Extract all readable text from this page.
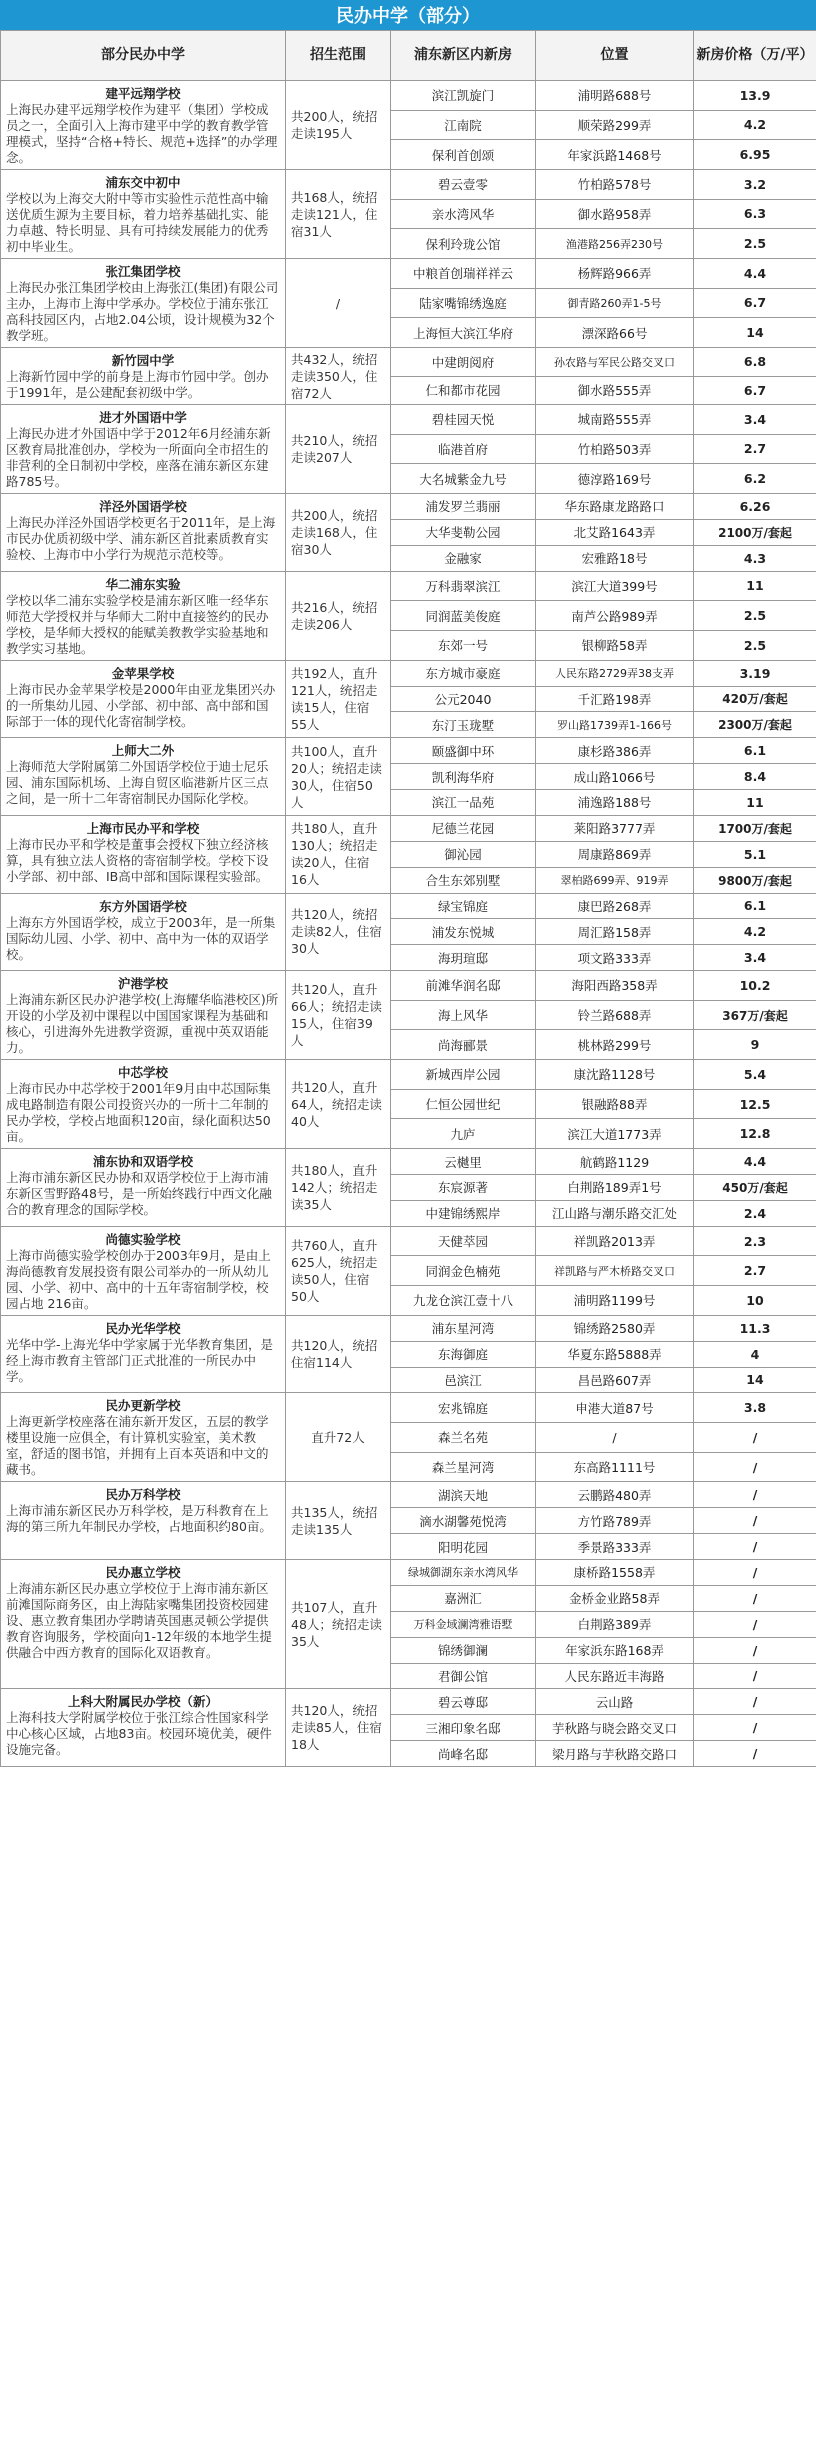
民办中学（部分）
部分民办中学	招生范围	浦东新区内新房	位置	新房价格（万/平）

建平远翔学校
上海民办建平远翔学校作为建平（集团）学校成员之一，全面引入上海市建平中学的教育教学管理模式，坚持“合格+特长、规范+选择”的办学理念。	共200人，统招走读195人	滨江凯旋门	浦明路688号	13.9
		江南院	顺荣路299弄	4.2
		保利首创颂	年家浜路1468号	6.95

浦东交中初中
学校以为上海交大附中等市实验性示范性高中输送优质生源为主要目标，着力培养基础扎实、能力卓越、特长明显、具有可持续发展能力的优秀初中毕业生。	共168人，统招走读121人，住宿31人	碧云壹零	竹柏路578号	3.2
		亲水湾风华	御水路958弄	6.3
		保利玲珑公馆	渔港路256弄230号	2.5

张江集团学校
上海民办张江集团学校由上海张江(集团)有限公司主办，上海市上海中学承办。学校位于浦东张江高科技园区内，占地2.04公顷，设计规模为32个教学班。	/	中粮首创瑞祥祥云	杨辉路966弄	4.4
		陆家嘴锦绣逸庭	御青路260弄1-5号	6.7
		上海恒大滨江华府	漂深路66号	14

新竹园中学
上海新竹园中学的前身是上海市竹园中学。创办于1991年，是公建配套初级中学。	共432人，统招走读350人，住宿72人	中建朗阅府	孙农路与军民公路交叉口	6.8
		仁和都市花园	御水路555弄	6.7

进才外国语中学
上海民办进才外国语中学于2012年6月经浦东新区教育局批准创办，学校为一所面向全市招生的非营利的全日制初中学校，座落在浦东新区东建路785号。	共210人，统招走读207人	碧桂园天悦	城南路555弄	3.4
		临港首府	竹柏路503弄	2.7
		大名城紫金九号	德淳路169号	6.2

洋泾外国语学校
上海民办洋泾外国语学校更名于2011年，是上海市民办优质初级中学、浦东新区首批素质教育实验校、上海市中小学行为规范示范校等。	共200人，统招走读168人，住宿30人	浦发罗兰翡丽	华东路康龙路路口	6.26
		大华斐勒公园	北艾路1643弄	2100万/套起
		金融家	宏雅路18号	4.3

华二浦东实验
学校以华二浦东实验学校是浦东新区唯一经华东师范大学授权并与华师大二附中直接签约的民办学校，是华师大授权的能赋美教教学实验基地和教学实习基地。	共216人，统招走读206人	万科翡翠滨江	滨江大道399号	11
		同润蓝美俊庭	南芦公路989弄	2.5
		东郊一号	银柳路58弄	2.5

金苹果学校
上海市民办金苹果学校是2000年由亚龙集团兴办的一所集幼儿园、小学部、初中部、高中部和国际部于一体的现代化寄宿制学校。	共192人，直升121人，统招走读15人，住宿55人	东方城市豪庭	人民东路2729弄38支弄	3.19
		公元2040	千汇路198弄	420万/套起
		东汀玉珑墅	罗山路1739弄1-166号	2300万/套起

上师大二外
上海师范大学附属第二外国语学校位于迪士尼乐园、浦东国际机场、上海自贸区临港新片区三点之间，是一所十二年寄宿制民办国际化学校。	共100人，直升20人；统招走读30人，住宿50人	颐盛御中环	康杉路386弄	6.1
		凯利海华府	成山路1066号	8.4
		滨江一品苑	浦逸路188号	11

上海市民办平和学校
上海市民办平和学校是董事会授权下独立经济核算，具有独立法人资格的寄宿制学校。学校下设小学部、初中部、IB高中部和国际课程实验部。	共180人，直升130人；统招走读20人，住宿16人	尼德兰花园	莱阳路3777弄	1700万/套起
		御沁园	周康路869弄	5.1
		合生东郊别墅	翠柏路699弄、919弄	9800万/套起

东方外国语学校
上海东方外国语学校，成立于2003年，是一所集国际幼儿园、小学、初中、高中为一体的双语学校。	共120人，统招走读82人，住宿30人	绿宝锦庭	康巴路268弄	6.1
		浦发东悦城	周汇路158弄	4.2
		海玥瑄邸	项文路333弄	3.4

沪港学校
上海浦东新区民办沪港学校(上海耀华临港校区)所开设的小学及初中课程以中国国家课程为基础和核心，引进海外先进教学资源，重视中英双语能力。	共120人，直升66人；统招走读15人，住宿39人	前滩华润名邸	海阳西路358弄	10.2
		海上风华	铃兰路688弄	367万/套起
		尚海郦景	桃林路299号	9

中芯学校
上海市民办中芯学校于2001年9月由中芯国际集成电路制造有限公司投资兴办的一所十二年制的民办学校，学校占地面积120亩，绿化面积达50亩。	共120人，直升64人，统招走读40人	新城西岸公园	康沈路1128号	5.4
		仁恒公园世纪	银融路88弄	12.5
		九庐	滨江大道1773弄	12.8

浦东协和双语学校
上海市浦东新区民办协和双语学校位于上海市浦东新区雪野路48号，是一所始终践行中西文化融合的教育理念的国际学校。	共180人，直升142人；统招走读35人	云樾里	航鹤路1129	4.4
		东宸源著	白荆路189弄1号	450万/套起
		中建锦绣熙岸	江山路与潮乐路交汇处	2.4

尚德实验学校
上海市尚德实验学校创办于2003年9月，是由上海尚德教育发展投资有限公司举办的一所从幼儿园、小学、初中、高中的十五年寄宿制学校，校园占地 216亩。	共760人，直升625人，统招走读50人，住宿50人	天健萃园	祥凯路2013弄	2.3
		同润金色楠苑	祥凯路与严木桥路交叉口	2.7
		九龙仓滨江壹十八	浦明路1199号	10

民办光华学校
光华中学-上海光华中学家属于光华教育集团，是经上海市教育主管部门正式批准的一所民办中学。	共120人，统招住宿114人	浦东星河湾	锦绣路2580弄	11.3
		东海御庭	华夏东路5888弄	4
		邑滨江	昌邑路607弄	14

民办更新学校
上海更新学校座落在浦东新开发区，五层的教学楼里设施一应俱全，有计算机实验室，美术教室，舒适的图书馆，并拥有上百本英语和中文的藏书。	直升72人	宏兆锦庭	申港大道87号	3.8
		森兰名苑	/	/
		森兰星河湾	东高路1111号	/

民办万科学校
上海市浦东新区民办万科学校，是万科教育在上海的第三所九年制民办学校，占地面积约80亩。	共135人，统招走读135人	湖滨天地	云鹏路480弄	/
		滴水湖馨苑悦湾	方竹路789弄	/
		阳明花园	季景路333弄	/

民办惠立学校
上海浦东新区民办惠立学校位于上海市浦东新区前滩国际商务区，由上海陆家嘴集团投资校园建设、惠立教育集团办学聘请英国惠灵顿公学提供教育咨询服务，学校面向1-12年级的本地学生提供融合中西方教育的国际化双语教育。	共107人，直升48人；统招走读35人	绿城御湖东亲水湾风华	康桥路1558弄	/
		嘉洲汇	金桥金业路58弄	/
		万科金域澜湾雅语墅	白荆路389弄	/
		锦绣御澜	年家浜东路168弄	/
		君御公馆	人民东路近丰海路	/

上科大附属民办学校（新）
上海科技大学附属学校位于张江综合性国家科学中心核心区域，占地83亩。校园环境优美，硬件设施完备。	共120人，统招走读85人，住宿18人	碧云尊邸	云山路	/
		三湘印象名邸	芋秋路与晓会路交叉口	/
		尚峰名邸	梁月路与芋秋路交路口	/
